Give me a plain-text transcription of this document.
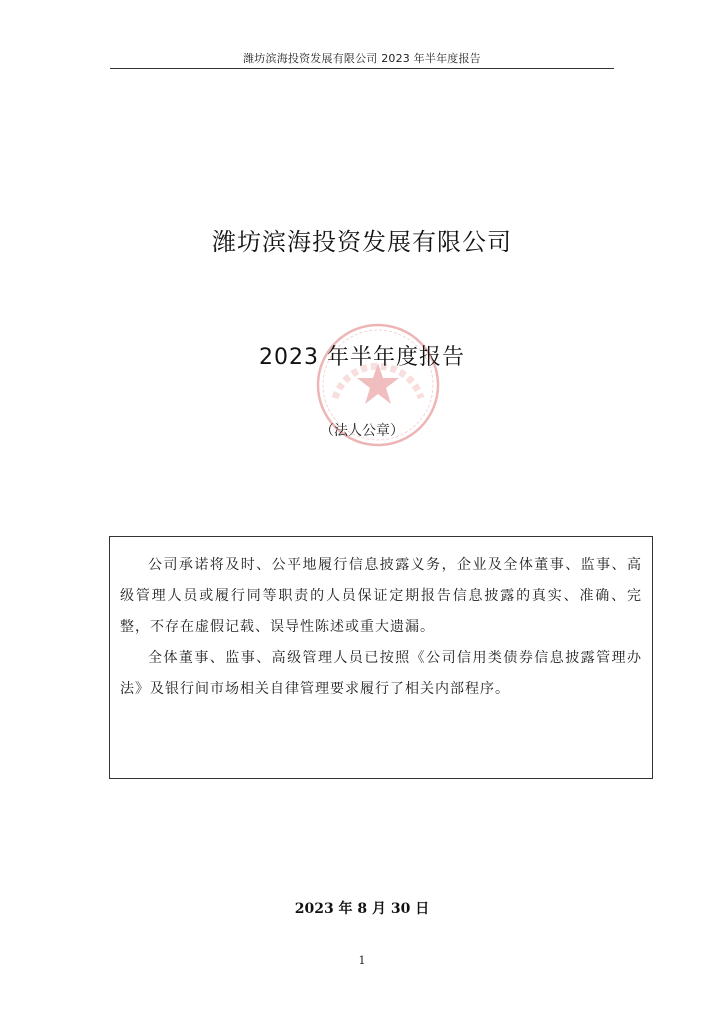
潍坊滨海投资发展有限公司 2023 年半年度报告
潍坊滨海投资发展有限公司
2023 年半年度报告
（法人公章）

公司承诺将及时、公平地履行信息披露义务，企业及全体董事、监事、高级管理人员或履行同等职责的人员保证定期报告信息披露的真实、准确、完整，不存在虚假记载、误导性陈述或重大遗漏。

全体董事、监事、高级管理人员已按照《公司信用类债券信息披露管理办法》及银行间市场相关自律管理要求履行了相关内部程序。

2023 年 8 月 30 日
1
